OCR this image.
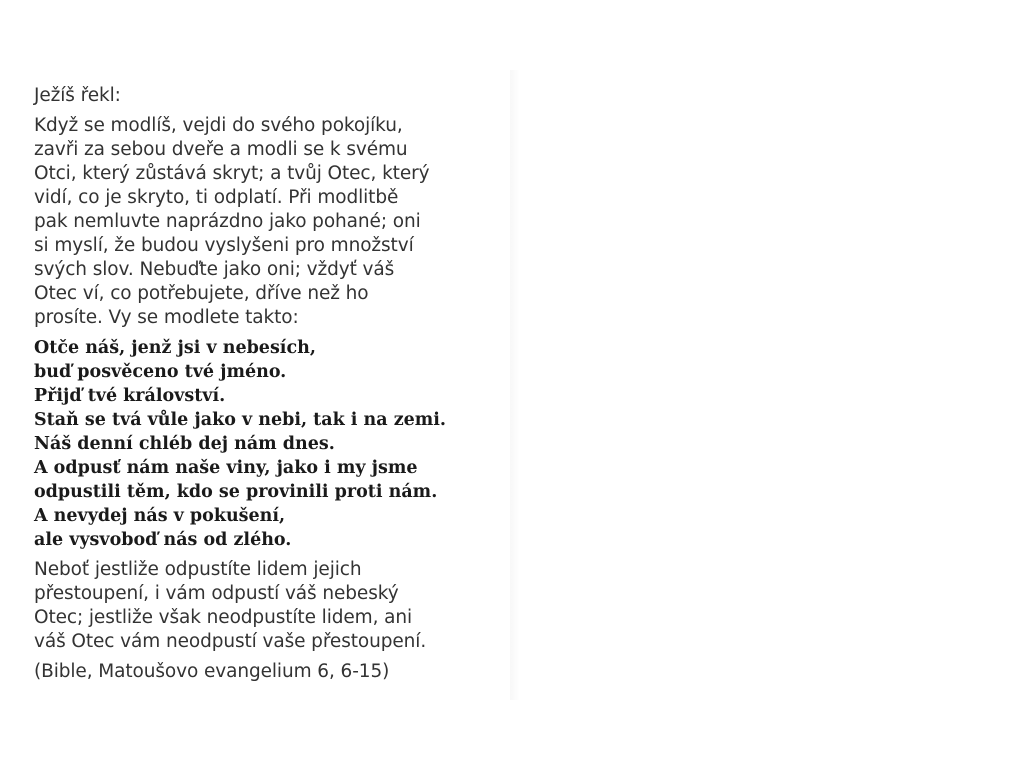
Ježíš řekl:

Když se modlíš, vejdi do svého pokojíku,
zavři za sebou dveře a modli se k svému
Otci, který zůstává skryt; a tvůj Otec, který
vidí, co je skryto, ti odplatí. Při modlitbě
pak nemluvte naprázdno jako pohané; oni
si myslí, že budou vyslyšeni pro množství
svých slov. Nebuďte jako oni; vždyť váš
Otec ví, co potřebujete, dříve než ho
prosíte. Vy se modlete takto:
Otče náš, jenž jsi v nebesích,
buď posvěceno tvé jméno.
Přijď tvé království.
Staň se tvá vůle jako v nebi, tak i na zemi.
Náš denní chléb dej nám dnes.
A odpusť nám naše viny, jako i my jsme
odpustili těm, kdo se provinili proti nám.
A nevydej nás v pokušení,
ale vysvoboď nás od zlého.
Neboť jestliže odpustíte lidem jejich
přestoupení, i vám odpustí váš nebeský
Otec; jestliže však neodpustíte lidem, ani
váš Otec vám neodpustí vaše přestoupení.
(Bible, Matoušovo evangelium 6, 6-15)
